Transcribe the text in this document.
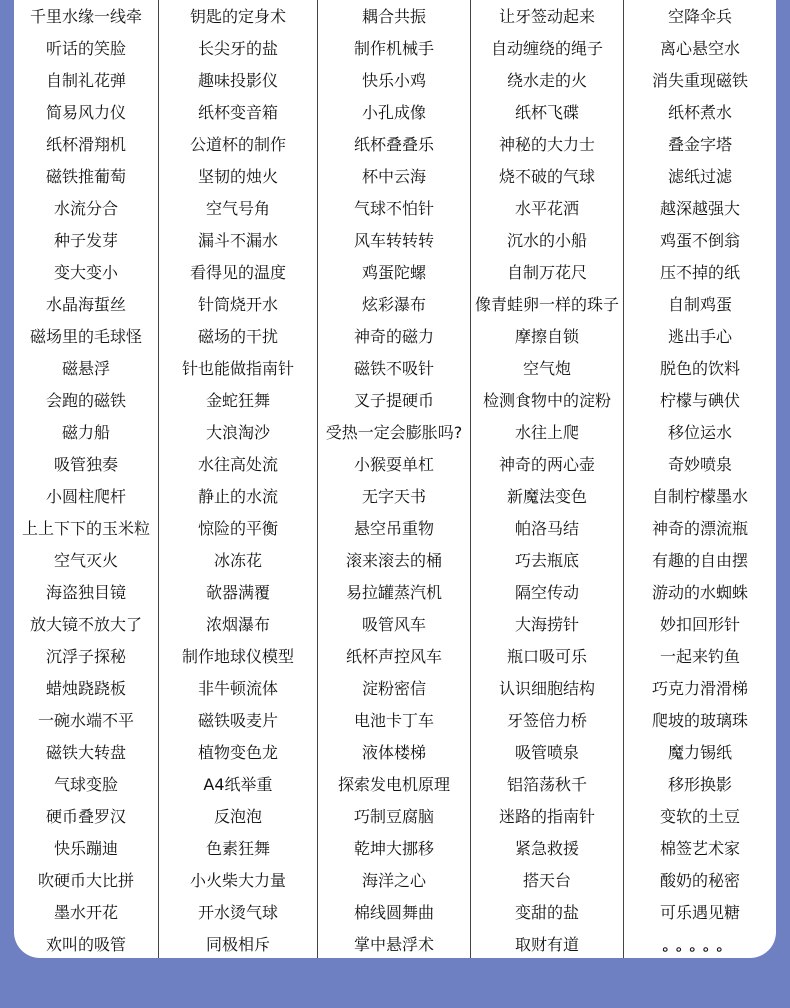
千里水缘一线牵
听话的笑脸
自制礼花弹
简易风力仪
纸杯滑翔机
磁铁推葡萄
水流分合
种子发芽
变大变小
水晶海蜇丝
磁场里的毛球怪
磁悬浮
会跑的磁铁
磁力船
吸管独奏
小圆柱爬杆
上上下下的玉米粒
空气灭火
海盗独目镜
放大镜不放大了
沉浮子探秘
蜡烛跷跷板
一碗水端不平
磁铁大转盘
气球变脸
硬币叠罗汉
快乐蹦迪
吹硬币大比拼
墨水开花
欢叫的吸管
钥匙的定身术
长尖牙的盐
趣味投影仪
纸杯变音箱
公道杯的制作
坚韧的烛火
空气号角
漏斗不漏水
看得见的温度
针筒烧开水
磁场的干扰
针也能做指南针
金蛇狂舞
大浪淘沙
水往高处流
静止的水流
惊险的平衡
冰冻花
欹器满覆
浓烟瀑布
制作地球仪模型
非牛顿流体
磁铁吸麦片
植物变色龙
A4纸举重
反泡泡
色素狂舞
小火柴大力量
开水烫气球
同极相斥
耦合共振
制作机械手
快乐小鸡
小孔成像
纸杯叠叠乐
杯中云海
气球不怕针
风车转转转
鸡蛋陀螺
炫彩瀑布
神奇的磁力
磁铁不吸针
叉子提硬币
受热一定会膨胀吗?
小猴耍单杠
无字天书
悬空吊重物
滚来滚去的桶
易拉罐蒸汽机
吸管风车
纸杯声控风车
淀粉密信
电池卡丁车
液体楼梯
探索发电机原理
巧制豆腐脑
乾坤大挪移
海洋之心
棉线圆舞曲
掌中悬浮术
让牙签动起来
自动缠绕的绳子
绕水走的火
纸杯飞碟
神秘的大力士
烧不破的气球
水平花洒
沉水的小船
自制万花尺
像青蛙卵一样的珠子
摩擦自锁
空气炮
检测食物中的淀粉
水往上爬
神奇的两心壶
新魔法变色
帕洛马结
巧去瓶底
隔空传动
大海捞针
瓶口吸可乐
认识细胞结构
牙签倍力桥
吸管喷泉
铝箔荡秋千
迷路的指南针
紧急救援
搭天台
变甜的盐
取财有道
空降伞兵
离心悬空水
消失重现磁铁
纸杯煮水
叠金字塔
滤纸过滤
越深越强大
鸡蛋不倒翁
压不掉的纸
自制鸡蛋
逃出手心
脱色的饮料
柠檬与碘伏
移位运水
奇妙喷泉
自制柠檬墨水
神奇的漂流瓶
有趣的自由摆
游动的水蜘蛛
妙扣回形针
一起来钓鱼
巧克力滑滑梯
爬坡的玻璃珠
魔力锡纸
移形换影
变软的土豆
棉签艺术家
酸奶的秘密
可乐遇见糖
。。。。。
